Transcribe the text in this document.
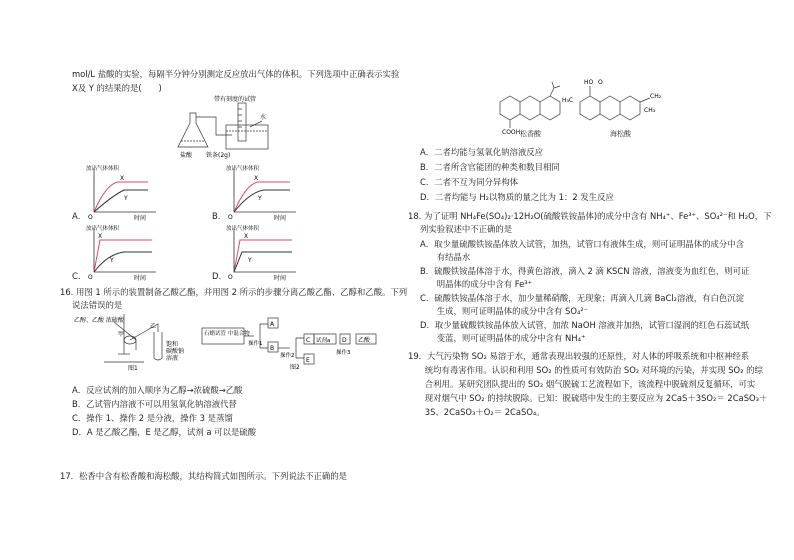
mol/L 盐酸的实验，每隔半分钟分别测定反应放出气体的体积。下列选项中正确表示实验
X及 Y 的结果的是(　　)
带有刻度的试管
水
盐酸 铁条(2g)
A.
放出气体体积
X
Y
O	时间	B.
放出气体体积
X
Y
O	时间
C.
放出气体体积
X
Y
O	时间	D.
放出气体体积
X
Y
O	时间
16. 用图 1 所示的装置制备乙酸乙酯，并用图 2 所示的步骤分离乙酸乙酯、乙醇和乙酸。下列
说法错误的是
乙醇、乙酸 浓硫酸
甲
乙
饱和
碳酸钠
溶液
图1
石蜡试管 中混合物
操作1
A
B
操作2
C
E
试剂a D
操作3
乙酸
图2
A．反应试剂的加入顺序为乙醇→浓硫酸→乙酸
B．乙试管内溶液不可以用氢氧化钠溶液代替
C．操作 1、操作 2 是分液，操作 3 是蒸馏
D．A 是乙酸乙酯，E 是乙醇，试剂 a 可以是硫酸
17．松香中含有松香酸和海松酸，其结构简式如图所示。下列说法不正确的是
COOH 松香酸
HO O
H₃C
CH₃
CH₂
海松酸
A．二者均能与氢氧化钠溶液反应
B．二者所含官能团的种类和数目相同
C．二者不互为同分异构体
D．二者均能与 H₂以物质的量之比为 1：2 发生反应
18. 为了证明 NH₄Fe(SO₄)₂·12H₂O(硫酸铁铵晶体)的成分中含有 NH₄⁺、Fe³⁺、SO₄²⁻和 H₂O，下
列实验叙述中不正确的是
A．取少量硫酸铁铵晶体放入试管，加热，试管口有液体生成，则可证明晶体的成分中含
　　有结晶水
B．硫酸铁铵晶体溶于水，得黄色溶液，滴入 2 滴 KSCN 溶液，溶液变为血红色，则可证
　　明晶体的成分中含有 Fe³⁺
C．硫酸铁铵晶体溶于水，加少量稀硝酸，无现象；再滴入几滴 BaCl₂溶液，有白色沉淀
　　生成，则可证明晶体的成分中含有 SO₄²⁻
D．取少量硫酸铁铵晶体放入试管，加浓 NaOH 溶液并加热，试管口湿润的红色石蕊试纸
　　变蓝，则可证明晶体的成分中含有 NH₄⁺
19．大气污染物 SO₂ 易溶于水，通常表现出较强的还原性，对人体的呼吸系统和中枢神经系
　　统均有毒害作用。认识和利用 SO₂ 的性质可有效防治 SO₂ 对环境的污染，并实现 SO₂ 的综
　　合利用。某研究团队提出的 SO₂ 烟气脱硫工艺流程如下，该流程中脱硫剂反复循环，可实
　　现对烟气中 SO₂ 的持续脱除。已知：脱硫塔中发生的主要反应为 2CaS＋3SO₂＝ 2CaSO₃＋
　　3S、2CaSO₃＋O₂＝ 2CaSO₄。
